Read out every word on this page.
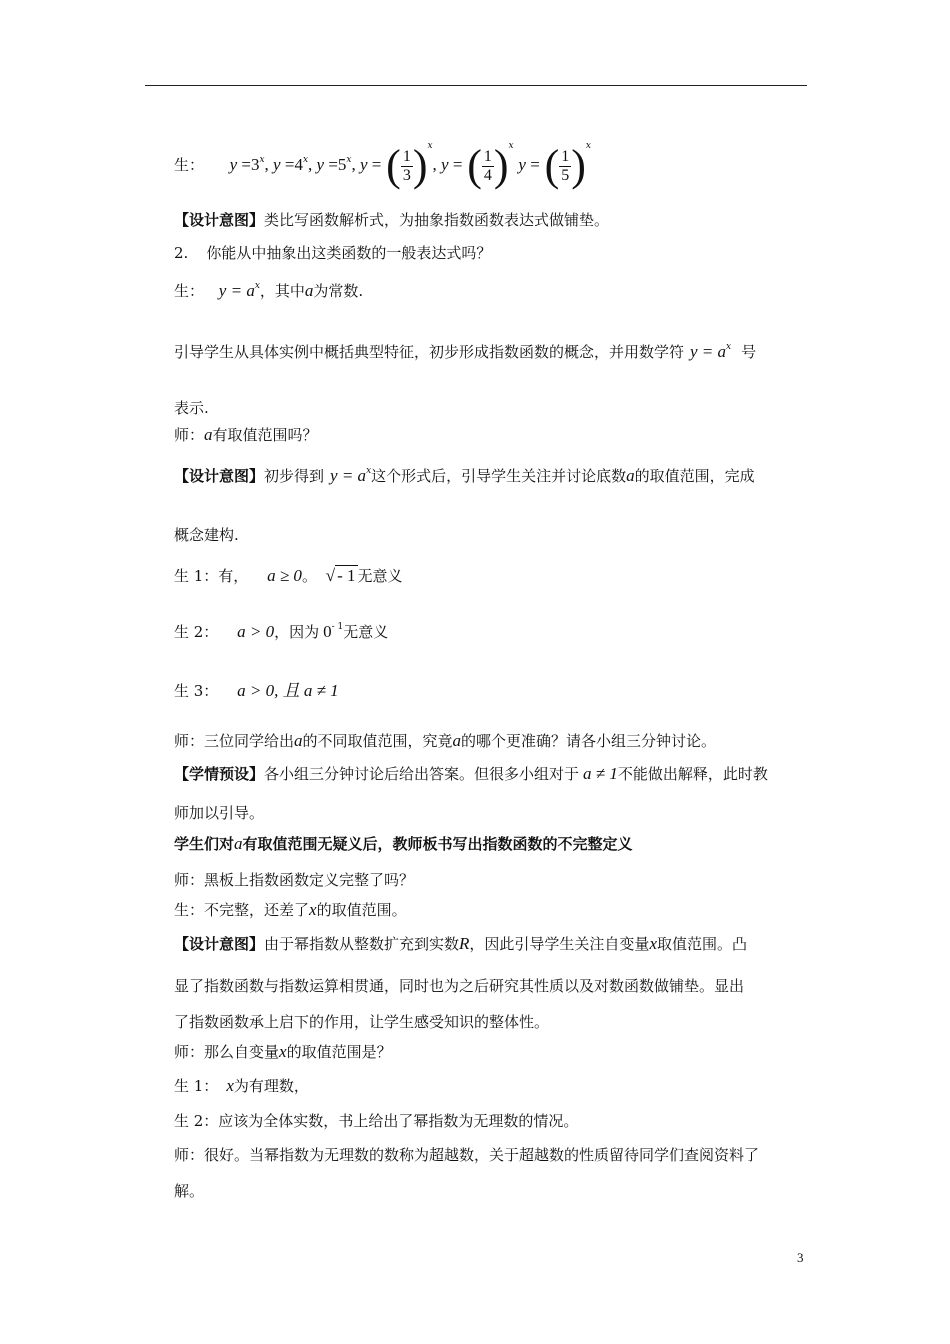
生： $y =3^x$, $y =4^x$, $y =5^x$, y = ( $\frac{1}{3} )^x$, y = ( $\frac{1}{4} )^x$ y = ( $\frac{1}{5} )^x$
【设计意图】类比写函数解析式，为抽象指数函数表达式做铺垫。
2. 你能从中抽象出这类函数的一般表达式吗？
生： $y = a^x$，其中a为常数.
引导学生从具体实例中概括典型特征，初步形成指数函数的概念，并用数学符 $y = a^x$ 号
表示.
师：a有取值范围吗？
【设计意图】初步得到 $y = a^x$这个形式后，引导学生关注并讨论底数a的取值范围，完成
概念建构.
生 1：有， a ≥ 0。 √ - 1 无意义
生 2： a > 0，因为 $0^{- 1}$无意义
生 3： a > 0, 且 a ≠ 1
师：三位同学给出a的不同取值范围，究竟a的哪个更准确？请各小组三分钟讨论。
【学情预设】各小组三分钟讨论后给出答案。但很多小组对于 a ≠ 1不能做出解释，此时教
师加以引导。
学生们对a有取值范围无疑义后，教师板书写出指数函数的不完整定义
师：黑板上指数函数定义完整了吗？
生：不完整，还差了x的取值范围。
【设计意图】由于幂指数从整数扩充到实数R，因此引导学生关注自变量x取值范围。凸
显了指数函数与指数运算相贯通，同时也为之后研究其性质以及对数函数做铺垫。显出
了指数函数承上启下的作用，让学生感受知识的整体性。
师：那么自变量x的取值范围是？
生 1： x为有理数，
生 2：应该为全体实数，书上给出了幂指数为无理数的情况。
师：很好。当幂指数为无理数的数称为超越数，关于超越数的性质留待同学们查阅资料了
解。
3
